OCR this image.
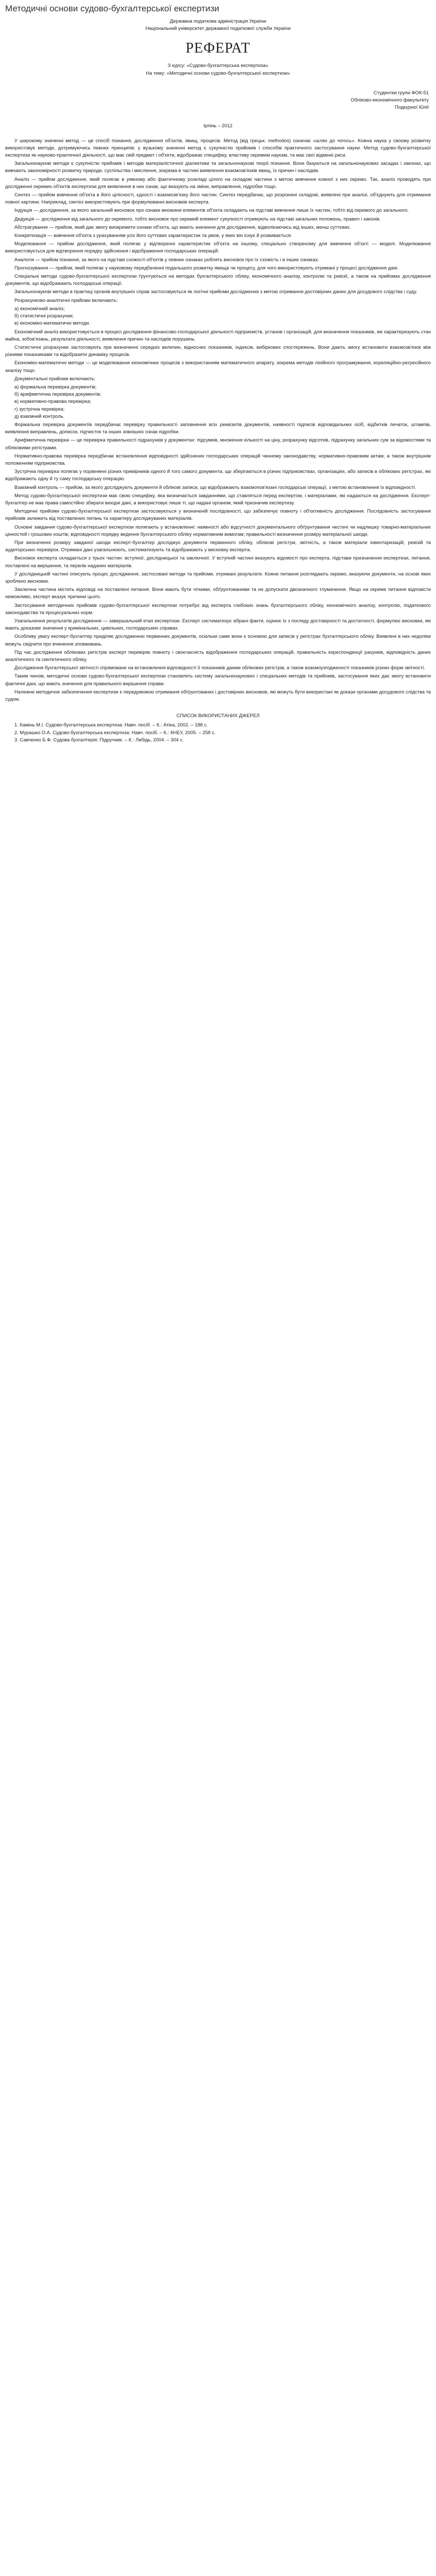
Методичні основи судово-бухгалтерської експертизи

Державна податкова адміністрація України

Національний університет державної податкової служби України

РЕФЕРАТ

З курсу: «Судово-бухгалтерська експертиза»

На тему: «Методичні основи судово-бухгалтерської експертизи»

Студентки групи ФОК-51
Обліково-економічного факультету
Подкурної Юлії
Ірпінь – 2012

У широкому значенні метод — це спосіб пізнання, дослідження об'єктів, явищ, процесів. Метод (від грецьк. methodos) означає «шлях до чогось». Кожна наука у своєму розвитку використовує методи, дотримуючись певних принципів; у вузькому значенні метод є сукупністю прийомів і способів практичного застосування науки. Метод судово-бухгалтерської експертизи як науково-практичної діяльності, що має свій предмет і об'єкти, відображає специфіку, властиву окремим наукам, та має свої відмінні риси.

Загальнонаукові методи є сукупністю прийомів і методів матеріалістичної діалектики та загальнонаукові теорії пізнання. Вони базуються на загальнонаукових засадах і законах, що вивчають закономірності розвитку природи, суспільства і мислення, зокрема в частині виявлення взаємозв'язків явищ, їх причин і наслідків.

Аналіз — прийом дослідження, який полягає в уявному або фактичному розкладі цілого на складові частини з метою вивчення кожної з них окремо. Так, аналіз проводять при дослідженні окремих об'єктів експертизи для виявлення в них ознак, що вказують на зміни, виправлення, підробки тощо.

Синтез — прийом вивчення об'єкта в його цілісності, єдності і взаємозв'язку його частин. Синтез передбачає, що розрізнені складові, виявлені при аналізі, об'єднують для отримання повної картини. Наприклад, синтез використовують при формулюванні висновків експерта.

Індукція — дослідження, за якого загальний висновок про ознаки множини елементів об'єкта складають на підставі вивчення лише їх частин, тобто від окремого до загального.

Дедукція — дослідження від загального до окремого, тобто висновок про окремий елемент сукупності отримують на підставі загальних положень, правил і законів.

Абстрагування — прийом, який дає змогу виокремити ознаки об'єкта, що мають значення для дослідження, відволікаючись від інших, менш суттєвих.

Конкретизація — вивчення об'єкта з урахуванням усіх його суттєвих характеристик та умов, у яких він існує й розвивається.

Моделювання — прийом дослідження, який полягає у відтворенні характеристик об'єкта на іншому, спеціально створеному для вивчення об'єкті — моделі. Моделювання використовується для відтворення порядку здійснення і відображення господарських операцій.

Аналогія — прийом пізнання, за якого на підставі схожості об'єктів у певних ознаках роблять висновок про їх схожість і в інших ознаках.

Прогнозування — прийом, який полягає у науковому передбаченні подальшого розвитку явища чи процесу, для чого використовують отримані у процесі дослідження дані.

Спеціальні методи судово-бухгалтерської експертизи ґрунтуються на методах бухгалтерського обліку, економічного аналізу, контролю та ревізії, а також на прийомах дослідження документів, що відображають господарські операції.

Загальнонаукові методи в практиці органів внутрішніх справ застосовуються як логічні прийоми дослідження з метою отримання достовірних даних для досудового слідства і суду.

Розрахунково-аналітичні прийоми включають:

а) економічний аналіз;
б) статистичні розрахунки;
в) економіко-математичні методи.

Економічний аналіз використовується в процесі дослідження фінансово-господарської діяльності підприємств, установ і організацій, для визначення показників, які характеризують стан майна, зобов'язань, результати діяльності, виявлення причин та наслідків порушень.

Статистичні розрахунки застосовують при визначенні середніх величин, відносних показників, індексів, вибіркових спостережень. Вони дають змогу встановити взаємозв'язок між різними показниками та відобразити динаміку процесів.

Економіко-математичні методи — це моделювання економічних процесів з використанням математичного апарату, зокрема методів лінійного програмування, кореляційно-регресійного аналізу тощо.

Документальні прийоми включають:

а) формальна перевірка документів;
б) арифметична перевірка документів;
в) нормативно-правова перевірка;
г) зустрічна перевірка;
д) взаємний контроль.

Формальна перевірка документів передбачає перевірку правильності заповнення всіх реквізитів документів, наявності підписів відповідальних осіб, відбитків печаток, штампів, виявлення виправлень, дописок, підчисток та інших зовнішніх ознак підробки.

Арифметична перевірка — це перевірка правильності підрахунків у документах: підсумків, множення кількості на ціну, розрахунку відсотків, підрахунку загальних сум за відомостями та облiковими регістрами.

Нормативно-правова перевірка передбачає встановлення відповідності здійснених господарських операцій чинному законодавству, нормативно-правовим актам, а також внутрішнім положенням підприємства.

Зустрічна перевірка полягає у порівнянні різних примірників одного й того самого документа, що зберігаються в різних підприємствах, організаціях, або записів в облікових регістрах, які відображають одну й ту саму господарську операцію.

Взаємний контроль — прийом, за якого досліджують документи й облікові записи, що відображають взаємопов'язані господарські операції, з метою встановлення їх відповідності.

Метод судово-бухгалтерської експертизи має свою специфіку, яка визначається завданнями, що ставляться перед експертом, і матеріалами, які надаються на дослідження. Експерт-бухгалтер не має права самостійно збирати вихідні дані, а використовує лише ті, що надані органом, який призначив експертизу.

Методичні прийоми судово-бухгалтерської експертизи застосовуються у визначеній послідовності, що забезпечує повноту і об'єктивність дослідження. Послідовність застосування прийомів залежить від поставлених питань та характеру досліджуваних матеріалів.

Основні завдання судово-бухгалтерської експертизи полягають у встановленні: наявності або відсутності документального обґрунтування нестачі чи надлишку товарно-матеріальних цінностей і грошових коштів; відповідності порядку ведення бухгалтерського обліку нормативним вимогам; правильності визначення розміру матеріальної шкоди.

При визначенні розміру завданої шкоди експерт-бухгалтер досліджує документи первинного обліку, облікові регістри, звітність, а також матеріали інвентаризацій, ревізій та аудиторських перевірок. Отримані дані узагальнюють, систематизують та відображають у висновку експерта.

Висновок експерта складається з трьох частин: вступної, дослідницької та заключної. У вступній частині вказують відомості про експерта, підстави призначення експертизи, питання, поставлені на вирішення, та перелік наданих матеріалів.

У дослідницькій частині описують процес дослідження, застосовані методи та прийоми, отримані результати. Кожне питання розглядають окремо, вказуючи документи, на основі яких зроблено висновки.

Заключна частина містить відповіді на поставлені питання. Вони мають бути чіткими, обґрунтованими та не допускати двозначного тлумачення. Якщо на окреме питання відповісти неможливо, експерт вказує причини цього.

Застосування методичних прийомів судово-бухгалтерської експертизи потребує від експерта глибоких знань бухгалтерського обліку, економічного аналізу, контролю, податкового законодавства та процесуальних норм.

Узагальнення результатів дослідження — завершальний етап експертизи. Експерт систематизує зібрані факти, оцінює їх з погляду достовірності та достатності, формулює висновки, які мають доказове значення у кримінальних, цивільних, господарських справах.

Особливу увагу експерт-бухгалтер приділяє дослідженню первинних документів, оскільки саме вони є основою для записів у регістрах бухгалтерського обліку. Виявлені в них недоліки можуть свідчити про вчинення зловживань.

Під час дослідження облікових регістрів експерт перевіряє повноту і своєчасність відображення господарських операцій, правильність кореспонденції рахунків, відповідність даних аналітичного та синтетичного обліку.

Дослідження бухгалтерської звітності спрямоване на встановлення відповідності її показників даним облікових регістрів, а також взаємоузгодженості показників різних форм звітності.

Таким чином, методичні основи судово-бухгалтерської експертизи становлять систему загальнонаукових і спеціальних методів та прийомів, застосування яких дає змогу встановити фактичні дані, що мають значення для правильного вирішення справи.

Належне методичне забезпечення експертизи є передумовою отримання обґрунтованих і достовірних висновків, які можуть бути використані як докази органами досудового слідства та судом.

СПИСОК ВИКОРИСТАНИХ ДЖЕРЕЛ
1. Камінь М.І. Судово-бухгалтерська експертиза: Навч. посіб. – К.: Атіка, 2002. – 188 с.
2. Мурашко О.А. Судово-бухгалтерська експертиза: Навч. посіб. – К.: КНЕУ, 2005. – 258 с.
3. Савченко Б.Ф. Судова бухгалтерія: Підручник. – К.: Либідь, 2004. – 304 с.
